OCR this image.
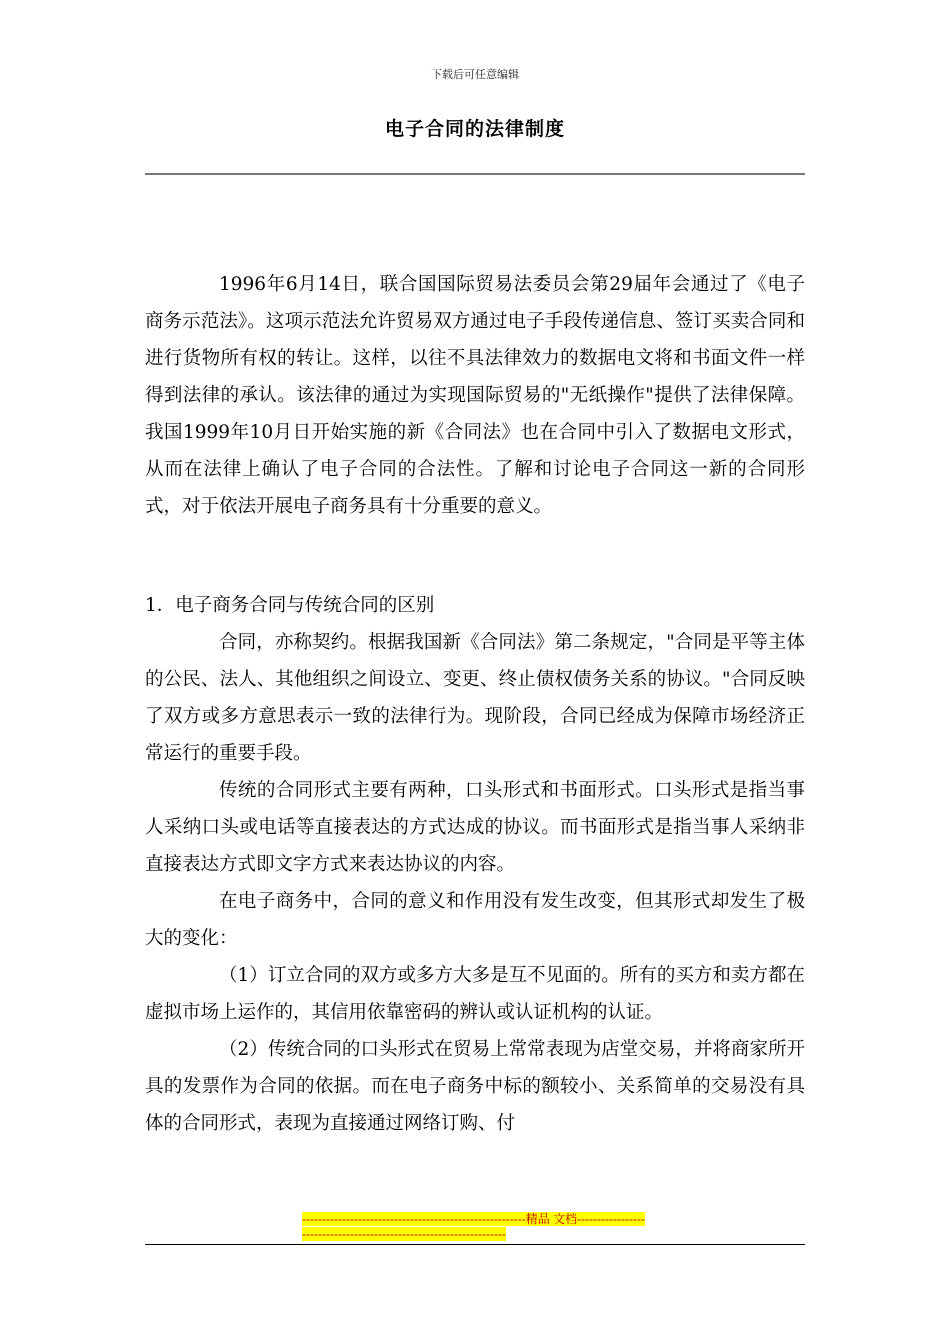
下载后可任意编辑
电子合同的法律制度

1996年6月14日，联合国国际贸易法委员会第29届年会通过了《电子商务示范法》。这项示范法允许贸易双方通过电子手段传递信息、签订买卖合同和进行货物所有权的转让。这样，以往不具法律效力的数据电文将和书面文件一样得到法律的承认。该法律的通过为实现国际贸易的"无纸操作"提供了法律保障。我国1999年10月日开始实施的新《合同法》也在合同中引入了数据电文形式，从而在法律上确认了电子合同的合法性。了解和讨论电子合同这一新的合同形式，对于依法开展电子商务具有十分重要的意义。

1．电子商务合同与传统合同的区别

合同，亦称契约。根据我国新《合同法》第二条规定，"合同是平等主体的公民、法人、其他组织之间设立、变更、终止债权债务关系的协议。"合同反映了双方或多方意思表示一致的法律行为。现阶段，合同已经成为保障市场经济正常运行的重要手段。

传统的合同形式主要有两种，口头形式和书面形式。口头形式是指当事人采纳口头或电话等直接表达的方式达成的协议。而书面形式是指当事人采纳非直接表达方式即文字方式来表达协议的内容。

在电子商务中，合同的意义和作用没有发生改变，但其形式却发生了极大的变化：

（1）订立合同的双方或多方大多是互不见面的。所有的买方和卖方都在虚拟市场上运作的，其信用依靠密码的辨认或认证机构的认证。

（2）传统合同的口头形式在贸易上常常表现为店堂交易，并将商家所开具的发票作为合同的依据。而在电子商务中标的额较小、关系简单的交易没有具体的合同形式，表现为直接通过网络订购、付

--------------------------------------------------------精品 文档--------------------------------------------------------------------
